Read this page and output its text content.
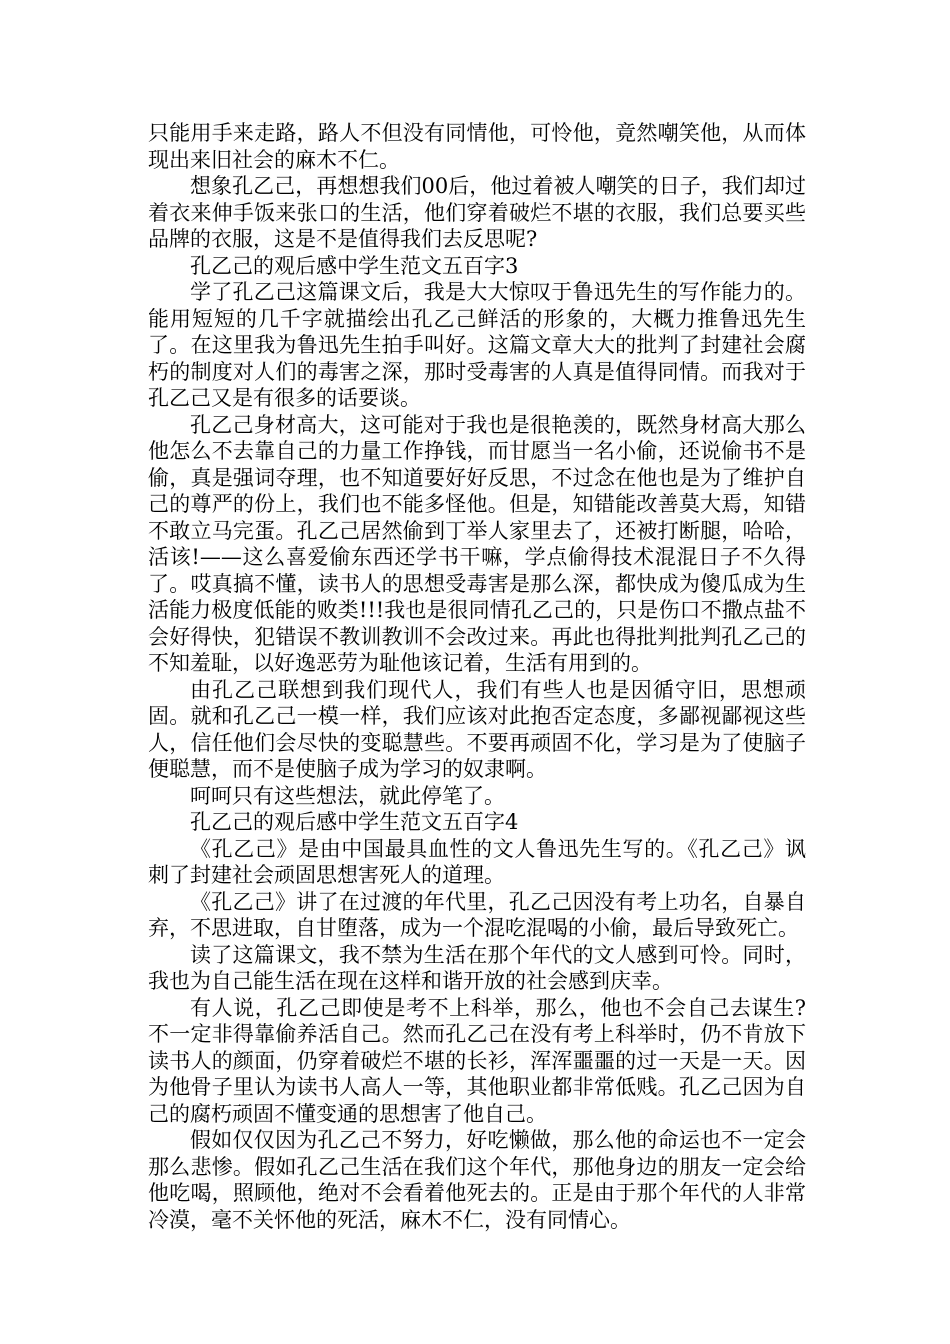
只能用手来走路，路人不但没有同情他，可怜他，竟然嘲笑他，从而体现出来旧社会的麻木不仁。

想象孔乙己，再想想我们00后，他过着被人嘲笑的日子，我们却过着衣来伸手饭来张口的生活，他们穿着破烂不堪的衣服，我们总要买些品牌的衣服，这是不是值得我们去反思呢?

孔乙己的观后感中学生范文五百字3

学了孔乙己这篇课文后，我是大大惊叹于鲁迅先生的写作能力的。能用短短的几千字就描绘出孔乙己鲜活的形象的，大概力推鲁迅先生了。在这里我为鲁迅先生拍手叫好。这篇文章大大的批判了封建社会腐朽的制度对人们的毒害之深，那时受毒害的人真是值得同情。而我对于孔乙己又是有很多的话要谈。

孔乙己身材高大，这可能对于我也是很艳羡的，既然身材高大那么他怎么不去靠自己的力量工作挣钱，而甘愿当一名小偷，还说偷书不是偷，真是强词夺理，也不知道要好好反思，不过念在他也是为了维护自己的尊严的份上，我们也不能多怪他。但是，知错能改善莫大焉，知错不敢立马完蛋。孔乙己居然偷到丁举人家里去了，还被打断腿，哈哈，活该!——这么喜爱偷东西还学书干嘛，学点偷得技术混混日子不久得了。哎真搞不懂，读书人的思想受毒害是那么深，都快成为傻瓜成为生活能力极度低能的败类!!!我也是很同情孔乙己的，只是伤口不撒点盐不会好得快，犯错误不教训教训不会改过来。再此也得批判批判孔乙己的不知羞耻，以好逸恶劳为耻他该记着，生活有用到的。

由孔乙己联想到我们现代人，我们有些人也是因循守旧，思想顽固。就和孔乙己一模一样，我们应该对此抱否定态度，多鄙视鄙视这些人，信任他们会尽快的变聪慧些。不要再顽固不化，学习是为了使脑子便聪慧，而不是使脑子成为学习的奴隶啊。

呵呵只有这些想法，就此停笔了。

孔乙己的观后感中学生范文五百字4

《孔乙己》是由中国最具血性的文人鲁迅先生写的。《孔乙己》讽刺了封建社会顽固思想害死人的道理。

《孔乙己》讲了在过渡的年代里，孔乙己因没有考上功名，自暴自弃，不思进取，自甘堕落，成为一个混吃混喝的小偷，最后导致死亡。

读了这篇课文，我不禁为生活在那个年代的文人感到可怜。同时，我也为自己能生活在现在这样和谐开放的社会感到庆幸。

有人说，孔乙己即使是考不上科举，那么，他也不会自己去谋生?不一定非得靠偷养活自己。然而孔乙己在没有考上科举时，仍不肯放下读书人的颜面，仍穿着破烂不堪的长衫，浑浑噩噩的过一天是一天。因为他骨子里认为读书人高人一等，其他职业都非常低贱。孔乙己因为自己的腐朽顽固不懂变通的思想害了他自己。

假如仅仅因为孔乙己不努力，好吃懒做，那么他的命运也不一定会那么悲惨。假如孔乙己生活在我们这个年代，那他身边的朋友一定会给他吃喝，照顾他，绝对不会看着他死去的。正是由于那个年代的人非常冷漠，毫不关怀他的死活，麻木不仁，没有同情心。
